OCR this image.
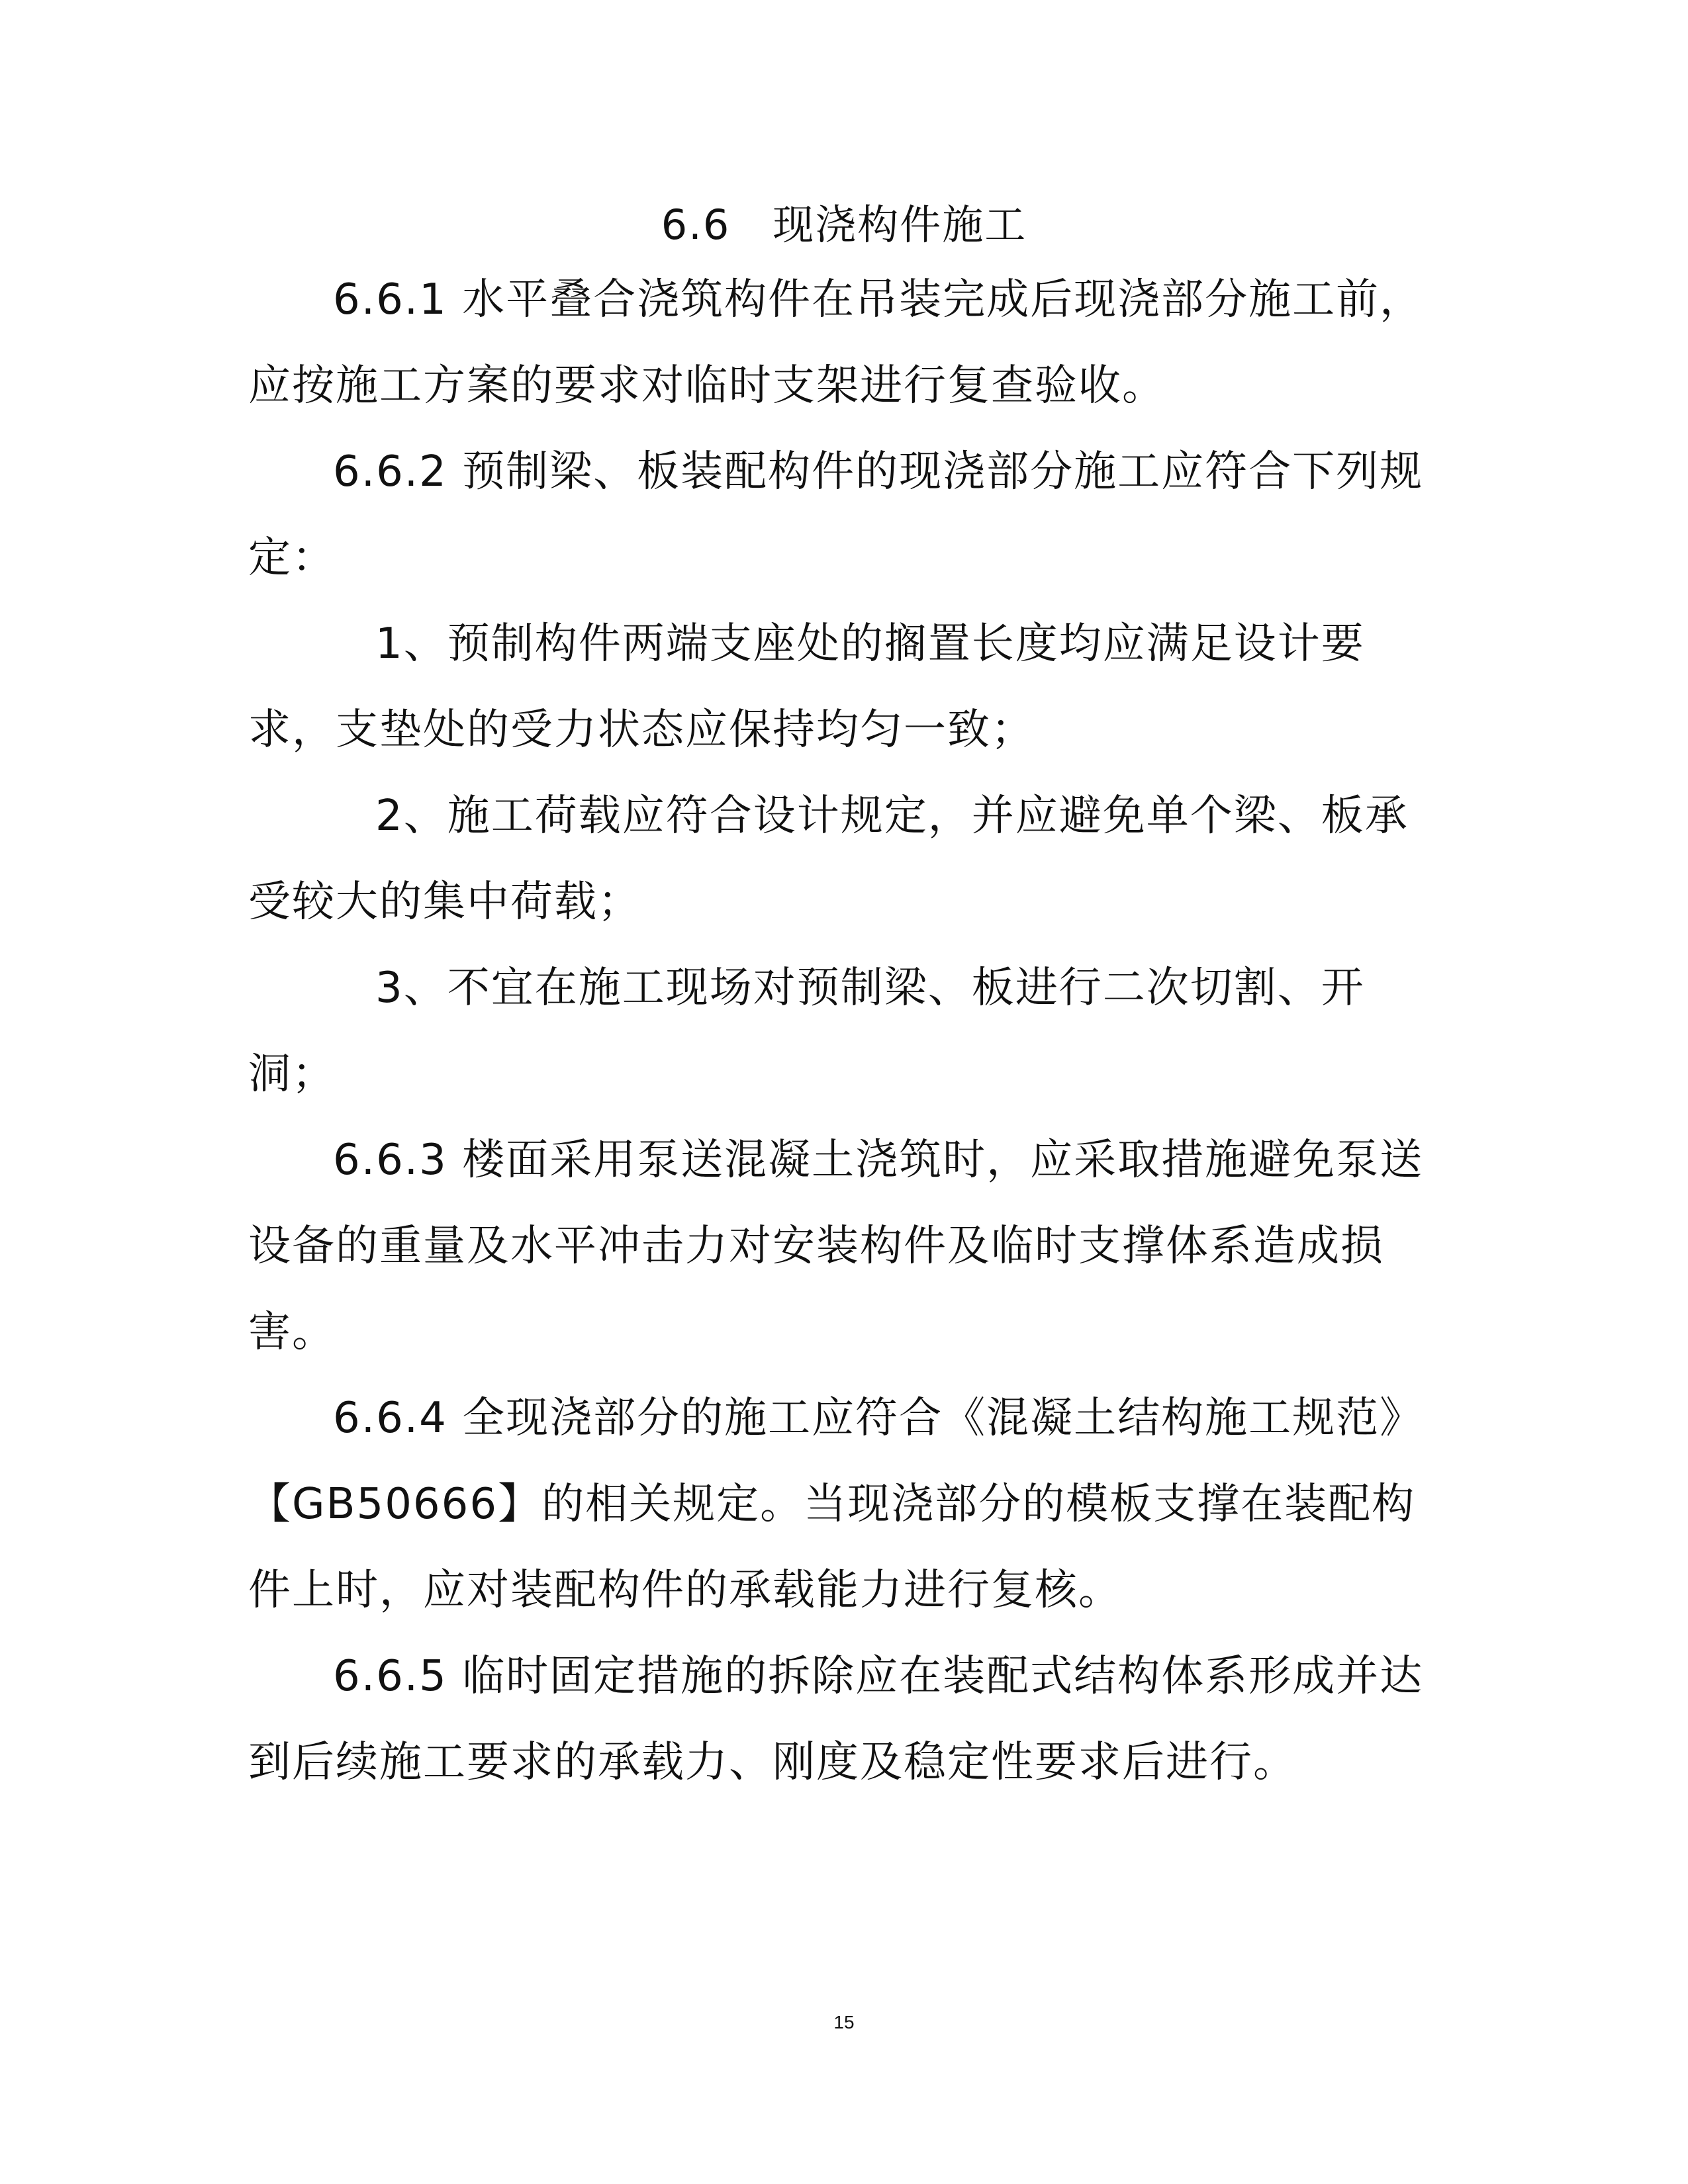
6.6　现浇构件施工

6.6.1 水平叠合浇筑构件在吊装完成后现浇部分施工前，应按施工方案的要求对临时支架进行复查验收。

6.6.2 预制梁、板装配构件的现浇部分施工应符合下列规定：

1、预制构件两端支座处的搁置长度均应满足设计要求，支垫处的受力状态应保持均匀一致；

2、施工荷载应符合设计规定，并应避免单个梁、板承受较大的集中荷载；

3、不宜在施工现场对预制梁、板进行二次切割、开洞；

6.6.3 楼面采用泵送混凝土浇筑时，应采取措施避免泵送设备的重量及水平冲击力对安装构件及临时支撑体系造成损害。

6.6.4 全现浇部分的施工应符合《混凝土结构施工规范》【GB50666】的相关规定。当现浇部分的模板支撑在装配构件上时，应对装配构件的承载能力进行复核。

6.6.5 临时固定措施的拆除应在装配式结构体系形成并达到后续施工要求的承载力、刚度及稳定性要求后进行。

15
